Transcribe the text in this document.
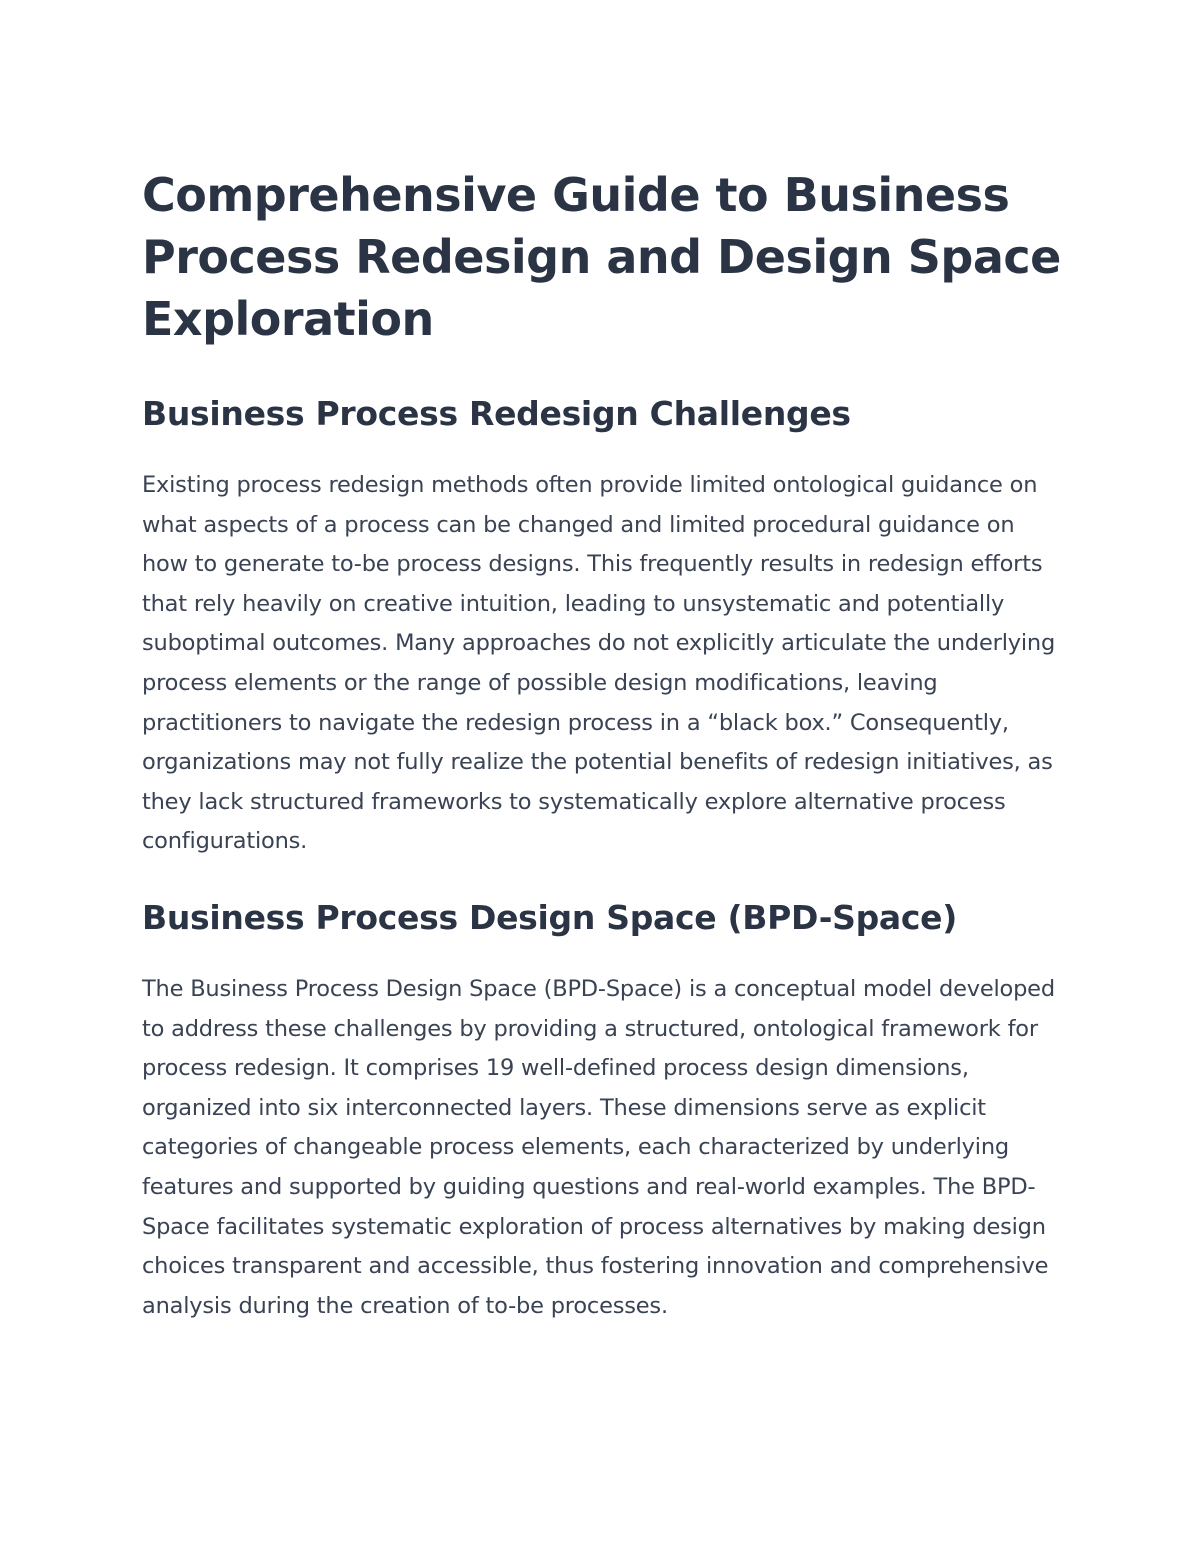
Comprehensive Guide to Business Process Redesign and Design Space Exploration
Business Process Redesign Challenges

Existing process redesign methods often provide limited ontological guidance on what aspects of a process can be changed and limited procedural guidance on how to generate to-be process designs. This frequently results in redesign efforts that rely heavily on creative intuition, leading to unsystematic and potentially suboptimal outcomes. Many approaches do not explicitly articulate the underlying process elements or the range of possible design modifications, leaving practitioners to navigate the redesign process in a “black box.” Consequently, organizations may not fully realize the potential benefits of redesign initiatives, as they lack structured frameworks to systematically explore alternative process configurations.

Business Process Design Space (BPD-Space)

The Business Process Design Space (BPD-Space) is a conceptual model developed to address these challenges by providing a structured, ontological framework for process redesign. It comprises 19 well-defined process design dimensions, organized into six interconnected layers. These dimensions serve as explicit categories of changeable process elements, each characterized by underlying features and supported by guiding questions and real-world examples. The BPD-Space facilitates systematic exploration of process alternatives by making design choices transparent and accessible, thus fostering innovation and comprehensive analysis during the creation of to-be processes.
